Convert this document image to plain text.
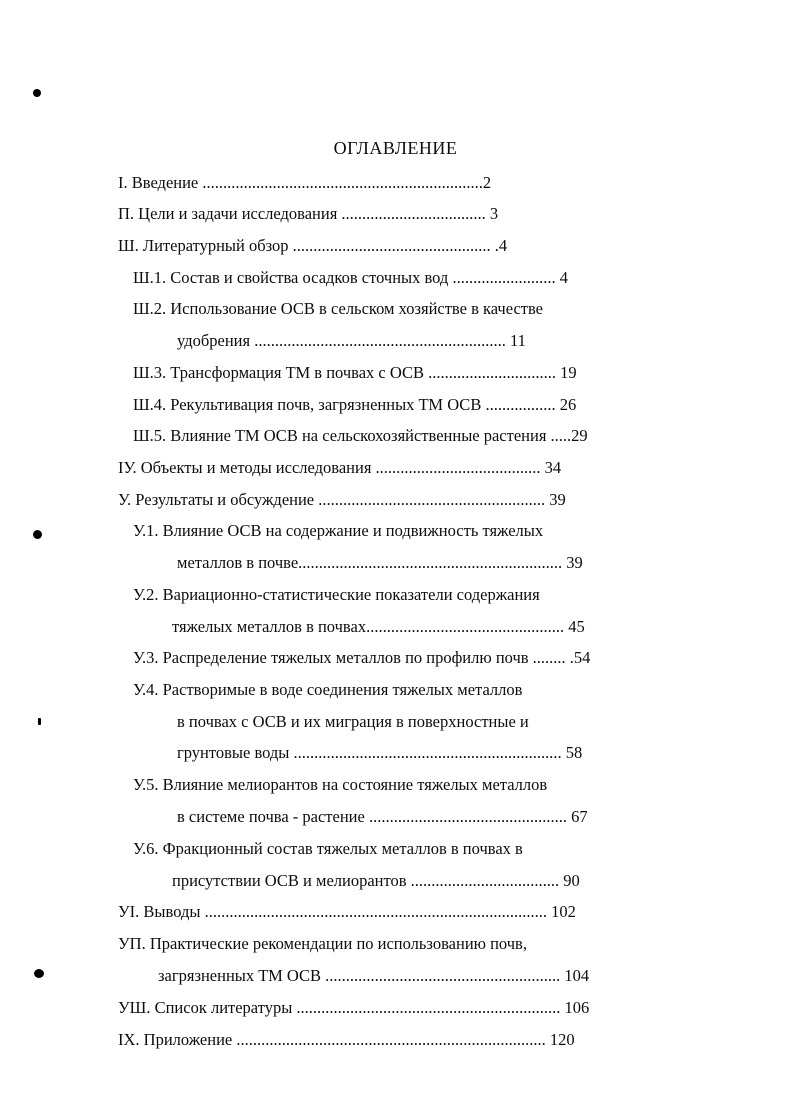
ОГЛАВЛЕНИЕ
I. Введение ....................................................................2
П. Цели и задачи исследования ................................... 3
Ш. Литературный обзор ................................................ .4
Ш.1. Состав и свойства осадков сточных вод ......................... 4
Ш.2. Использование ОСВ в сельском хозяйстве в качестве
удобрения ............................................................. 11
Ш.3. Трансформация ТМ в почвах с ОСВ ............................... 19
Ш.4. Рекультивация почв, загрязненных ТМ ОСВ ................. 26
Ш.5. Влияние ТМ ОСВ на сельскохозяйственные растения .....29
IУ. Объекты и методы исследования ........................................ 34
У. Результаты и обсуждение ....................................................... 39
У.1. Влияние ОСВ на содержание и подвижность тяжелых
металлов в почве................................................................ 39
У.2. Вариационно-статистические показатели содержания
тяжелых металлов в почвах................................................ 45
У.3. Распределение тяжелых металлов по профилю почв ........ .54
У.4. Растворимые в воде соединения тяжелых металлов
в почвах с ОСВ и их миграция в поверхностные и
грунтовые воды ................................................................. 58
У.5. Влияние мелиорантов на состояние тяжелых металлов
в системе почва - растение ................................................ 67
У.6. Фракционный состав тяжелых металлов в почвах в
присутствии ОСВ и мелиорантов .................................... 90
УI. Выводы ................................................................................... 102
УП. Практические рекомендации по использованию почв,
загрязненных ТМ ОСВ ......................................................... 104
УШ. Список литературы ................................................................ 106
IX. Приложение ........................................................................... 120
